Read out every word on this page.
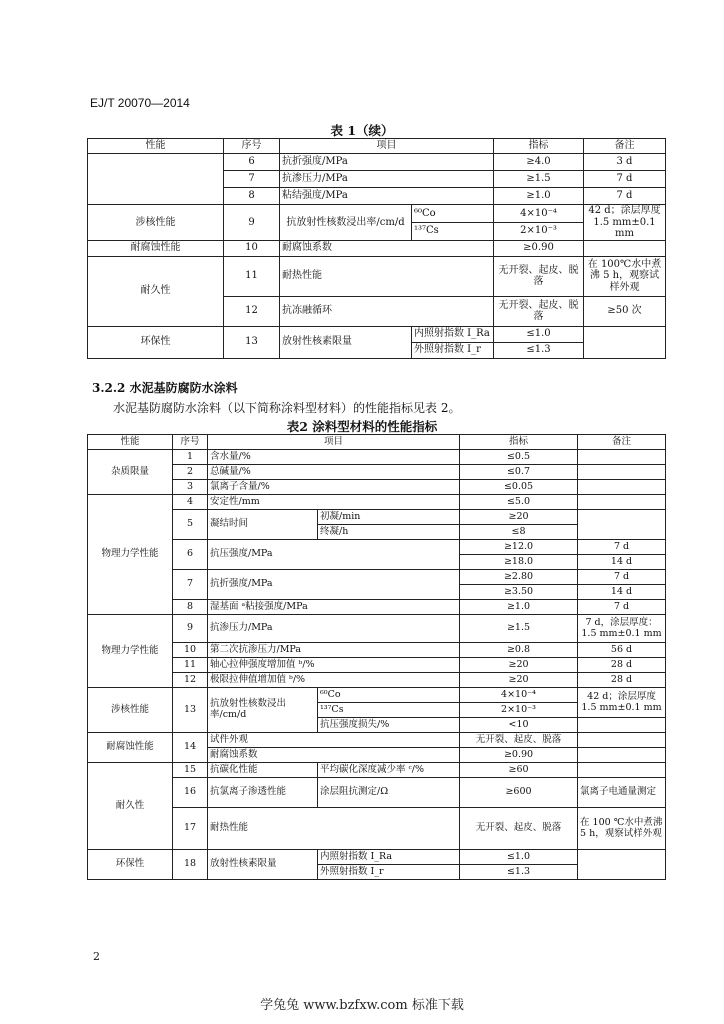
EJ/T 20070—2014
表 1（续）
性能	序号	项目		指标	备注
	6	抗折强度/MPa		≥4.0	3 d
	7	抗渗压力/MPa		≥1.5	7 d
	8	粘结强度/MPa		≥1.0	7 d
涉核性能	9	抗放射性核数浸出率/cm/d	⁶⁰Co	4×10⁻⁴	42 d；涂层厚度1.5 mm±0.1 mm
			¹³⁷Cs	2×10⁻³	
耐腐蚀性能	10	耐腐蚀系数		≥0.90	
耐久性	11	耐热性能		无开裂、起皮、脱落	在 100℃水中煮沸 5 h，观察试样外观
	12	抗冻融循环		无开裂、起皮、脱落	≥50 次
环保性	13	放射性核素限量	内照射指数 I_Ra	≤1.0	
			外照射指数 I_r	≤1.3	
3.2.2 水泥基防腐防水涂料
水泥基防腐防水涂料（以下简称涂料型材料）的性能指标见表 2。
表2 涂料型材料的性能指标
性能	序号	项目		指标	备注
杂质限量	1	含水量/%		≤0.5	
	2	总碱量/%		≤0.7	
	3	氯离子含量/%		≤0.05	
物理力学性能	4	安定性/mm		≤5.0	
	5	凝结时间	初凝/min	≥20	
			终凝/h	≤8	
	6	抗压强度/MPa		≥12.0	7 d
				≥18.0	14 d
	7	抗折强度/MPa		≥2.80	7 d
				≥3.50	14 d
	8	湿基面 ᵃ粘接强度/MPa		≥1.0	7 d
物理力学性能	9	抗渗压力/MPa		≥1.5	7 d，涂层厚度：1.5 mm±0.1 mm
	10	第二次抗渗压力/MPa		≥0.8	56 d
	11	轴心拉伸强度增加值 ᵇ/%		≥20	28 d
	12	极限拉伸值增加值 ᵇ/%		≥20	28 d
涉核性能	13	抗放射性核数浸出率/cm/d	⁶⁰Co	4×10⁻⁴	42 d；涂层厚度1.5 mm±0.1 mm
			¹³⁷Cs	2×10⁻³	
			抗压强度损失/%	<10	
耐腐蚀性能	14	试件外观		无开裂、起皮、脱落	
		耐腐蚀系数		≥0.90	
耐久性	15	抗碳化性能	平均碳化深度减少率 ᶜ/%	≥60	
	16	抗氯离子渗透性能	涂层阻抗测定/Ω	≥600	氯离子电通量测定
	17	耐热性能		无开裂、起皮、脱落	在 100 ℃水中煮沸 5 h，观察试样外观
环保性	18	放射性核素限量	内照射指数 I_Ra	≤1.0	
			外照射指数 I_r	≤1.3	
2
学兔兔 www.bzfxw.com 标准下载
